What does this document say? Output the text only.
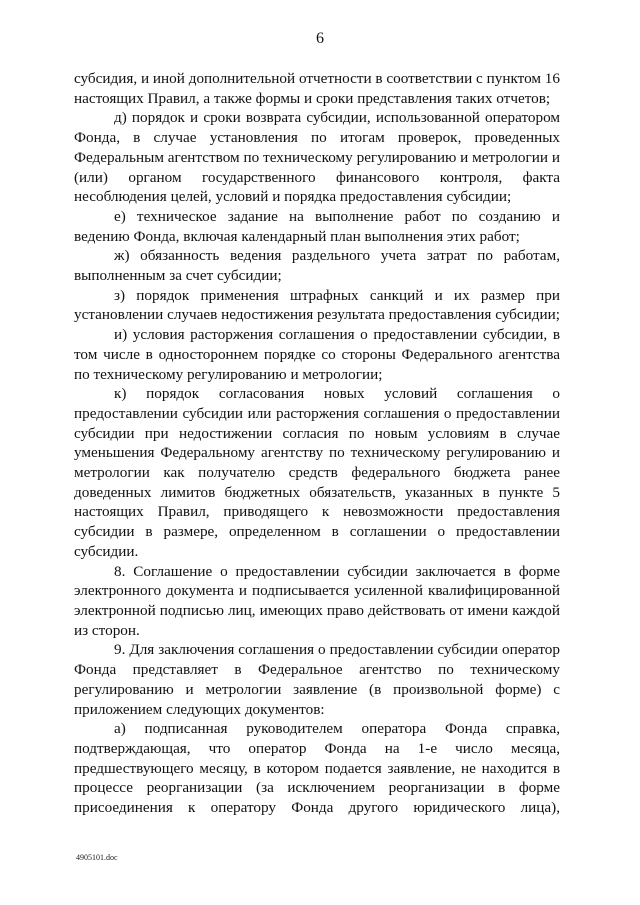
6

субсидия, и иной дополнительной отчетности в соответствии с пунктом 16 настоящих Правил, а также формы и сроки представления таких отчетов;

д) порядок и сроки возврата субсидии, использованной оператором Фонда, в случае установления по итогам проверок, проведенных Федеральным агентством по техническому регулированию и метрологии и (или) органом государственного финансового контроля, факта несоблюдения целей, условий и порядка предоставления субсидии;

е) техническое задание на выполнение работ по созданию и ведению Фонда, включая календарный план выполнения этих работ;

ж) обязанность ведения раздельного учета затрат по работам, выполненным за счет субсидии;

з) порядок применения штрафных санкций и их размер при установлении случаев недостижения результата предоставления субсидии;

и) условия расторжения соглашения о предоставлении субсидии, в том числе в одностороннем порядке со стороны Федерального агентства по техническому регулированию и метрологии;

к) порядок согласования новых условий соглашения о предоставлении субсидии или расторжения соглашения о предоставлении субсидии при недостижении согласия по новым условиям в случае уменьшения Федеральному агентству по техническому регулированию и метрологии как получателю средств федерального бюджета ранее доведенных лимитов бюджетных обязательств, указанных в пункте 5 настоящих Правил, приводящего к невозможности предоставления субсидии в размере, определенном в соглашении о предоставлении субсидии.

8. Соглашение о предоставлении субсидии заключается в форме электронного документа и подписывается усиленной квалифицированной электронной подписью лиц, имеющих право действовать от имени каждой из сторон.

9. Для заключения соглашения о предоставлении субсидии оператор Фонда представляет в Федеральное агентство по техническому регулированию и метрологии заявление (в произвольной форме) с приложением следующих документов:

а) подписанная руководителем оператора Фонда справка, подтверждающая, что оператор Фонда на 1-е число месяца, предшествующего месяцу, в котором подается заявление, не находится в процессе реорганизации (за исключением реорганизации в форме присоединения к оператору Фонда другого юридического лица),

4905101.doc
